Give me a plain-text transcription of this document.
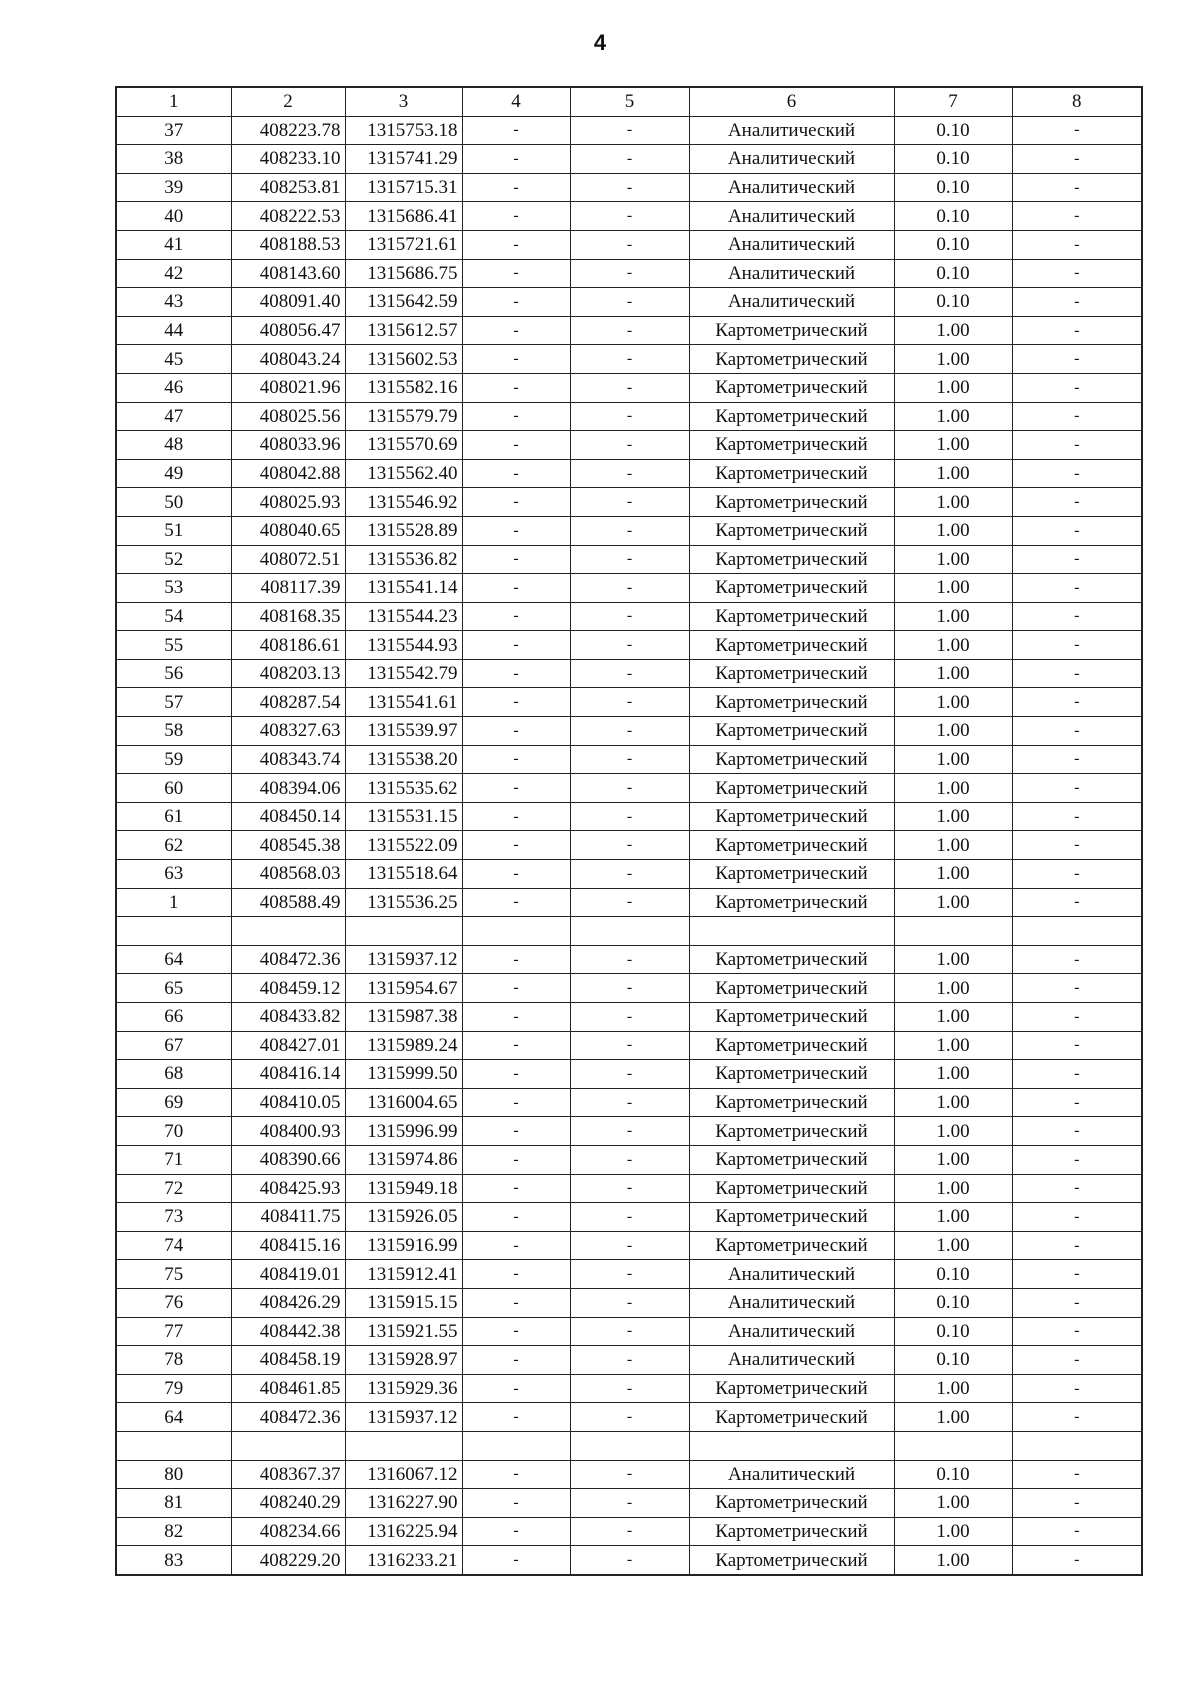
4
1	2	3	4	5	6	7	8
37	408223.78	1315753.18	-	-	Аналитический	0.10	-
38	408233.10	1315741.29	-	-	Аналитический	0.10	-
39	408253.81	1315715.31	-	-	Аналитический	0.10	-
40	408222.53	1315686.41	-	-	Аналитический	0.10	-
41	408188.53	1315721.61	-	-	Аналитический	0.10	-
42	408143.60	1315686.75	-	-	Аналитический	0.10	-
43	408091.40	1315642.59	-	-	Аналитический	0.10	-
44	408056.47	1315612.57	-	-	Картометрический	1.00	-
45	408043.24	1315602.53	-	-	Картометрический	1.00	-
46	408021.96	1315582.16	-	-	Картометрический	1.00	-
47	408025.56	1315579.79	-	-	Картометрический	1.00	-
48	408033.96	1315570.69	-	-	Картометрический	1.00	-
49	408042.88	1315562.40	-	-	Картометрический	1.00	-
50	408025.93	1315546.92	-	-	Картометрический	1.00	-
51	408040.65	1315528.89	-	-	Картометрический	1.00	-
52	408072.51	1315536.82	-	-	Картометрический	1.00	-
53	408117.39	1315541.14	-	-	Картометрический	1.00	-
54	408168.35	1315544.23	-	-	Картометрический	1.00	-
55	408186.61	1315544.93	-	-	Картометрический	1.00	-
56	408203.13	1315542.79	-	-	Картометрический	1.00	-
57	408287.54	1315541.61	-	-	Картометрический	1.00	-
58	408327.63	1315539.97	-	-	Картометрический	1.00	-
59	408343.74	1315538.20	-	-	Картометрический	1.00	-
60	408394.06	1315535.62	-	-	Картометрический	1.00	-
61	408450.14	1315531.15	-	-	Картометрический	1.00	-
62	408545.38	1315522.09	-	-	Картометрический	1.00	-
63	408568.03	1315518.64	-	-	Картометрический	1.00	-
1	408588.49	1315536.25	-	-	Картометрический	1.00	-

64	408472.36	1315937.12	-	-	Картометрический	1.00	-
65	408459.12	1315954.67	-	-	Картометрический	1.00	-
66	408433.82	1315987.38	-	-	Картометрический	1.00	-
67	408427.01	1315989.24	-	-	Картометрический	1.00	-
68	408416.14	1315999.50	-	-	Картометрический	1.00	-
69	408410.05	1316004.65	-	-	Картометрический	1.00	-
70	408400.93	1315996.99	-	-	Картометрический	1.00	-
71	408390.66	1315974.86	-	-	Картометрический	1.00	-
72	408425.93	1315949.18	-	-	Картометрический	1.00	-
73	408411.75	1315926.05	-	-	Картометрический	1.00	-
74	408415.16	1315916.99	-	-	Картометрический	1.00	-
75	408419.01	1315912.41	-	-	Аналитический	0.10	-
76	408426.29	1315915.15	-	-	Аналитический	0.10	-
77	408442.38	1315921.55	-	-	Аналитический	0.10	-
78	408458.19	1315928.97	-	-	Аналитический	0.10	-
79	408461.85	1315929.36	-	-	Картометрический	1.00	-
64	408472.36	1315937.12	-	-	Картометрический	1.00	-

80	408367.37	1316067.12	-	-	Аналитический	0.10	-
81	408240.29	1316227.90	-	-	Картометрический	1.00	-
82	408234.66	1316225.94	-	-	Картометрический	1.00	-
83	408229.20	1316233.21	-	-	Картометрический	1.00	-
